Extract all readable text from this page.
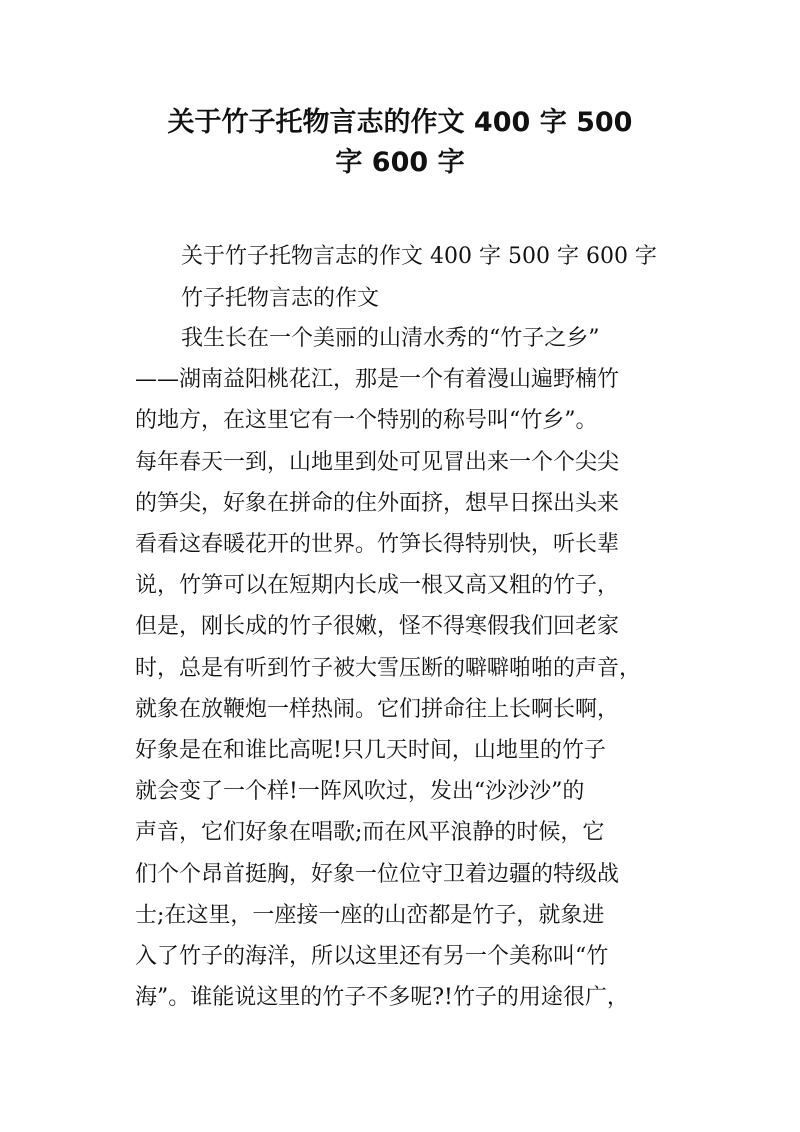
关于竹子托物言志的作文 400 字 500
字 600 字
关于竹子托物言志的作文 400 字 500 字 600 字
竹子托物言志的作文
我生长在一个美丽的山清水秀的“竹子之乡”
——湖南益阳桃花江，那是一个有着漫山遍野楠竹
的地方，在这里它有一个特别的称号叫“竹乡”。
每年春天一到，山地里到处可见冒出来一个个尖尖
的笋尖，好象在拼命的住外面挤，想早日探出头来
看看这春暖花开的世界。竹笋长得特别快，听长辈
说，竹笋可以在短期内长成一根又高又粗的竹子，
但是，刚长成的竹子很嫩，怪不得寒假我们回老家
时，总是有听到竹子被大雪压断的噼噼啪啪的声音，
就象在放鞭炮一样热闹。它们拼命往上长啊长啊，
好象是在和谁比高呢!只几天时间，山地里的竹子
就会变了一个样!一阵风吹过，发出“沙沙沙”的
声音，它们好象在唱歌;而在风平浪静的时候，它
们个个昂首挺胸，好象一位位守卫着边疆的特级战
士;在这里，一座接一座的山峦都是竹子，就象进
入了竹子的海洋，所以这里还有另一个美称叫“竹
海”。谁能说这里的竹子不多呢?!竹子的用途很广，
